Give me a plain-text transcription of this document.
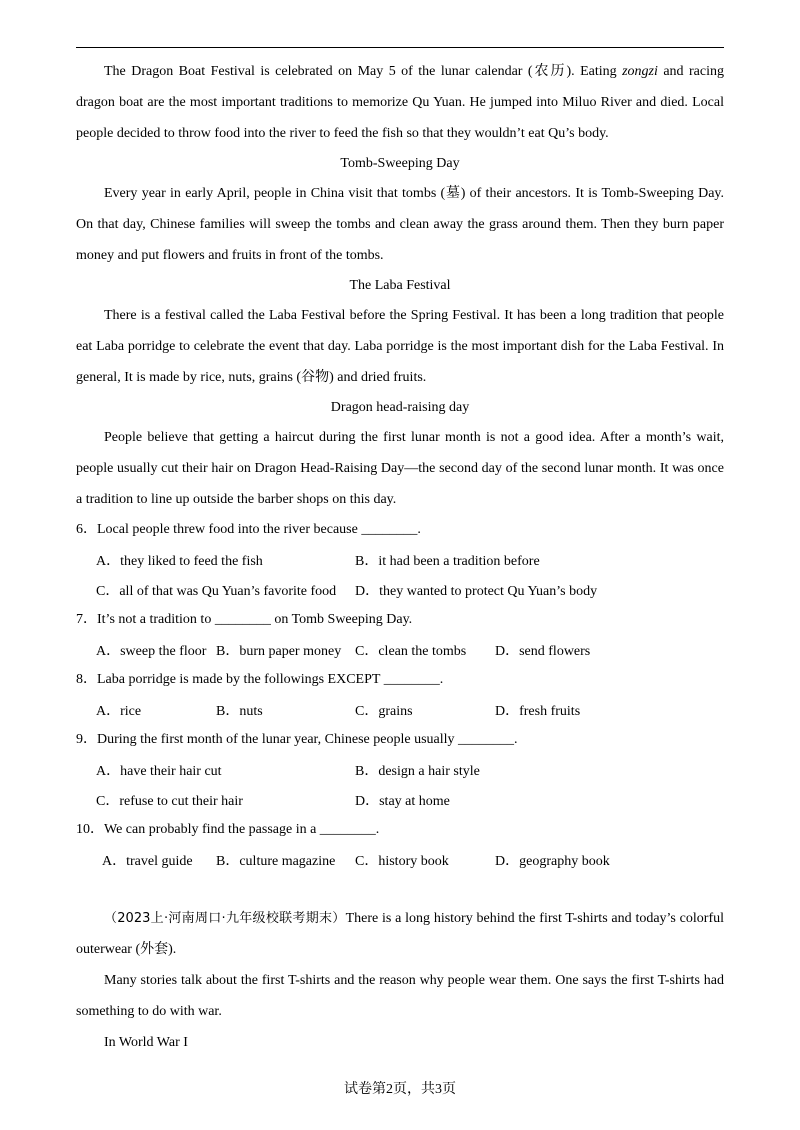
The Dragon Boat Festival is celebrated on May 5 of the lunar calendar (农历). Eating zongzi and racing dragon boat are the most important traditions to memorize Qu Yuan. He jumped into Miluo River and died. Local people decided to throw food into the river to feed the fish so that they wouldn’t eat Qu’s body.

Tomb-Sweeping Day

Every year in early April, people in China visit that tombs (墓) of their ancestors. It is Tomb-Sweeping Day. On that day, Chinese families will sweep the tombs and clean away the grass around them. Then they burn paper money and put flowers and fruits in front of the tombs.

The Laba Festival

There is a festival called the Laba Festival before the Spring Festival. It has been a long tradition that people eat Laba porridge to celebrate the event that day. Laba porridge is the most important dish for the Laba Festival. In general, It is made by rice, nuts, grains (谷物) and dried fruits.

Dragon head-raising day

People believe that getting a haircut during the first lunar month is not a good idea. After a month’s wait, people usually cut their hair on Dragon Head-Raising Day—the second day of the second lunar month. It was once a tradition to line up outside the barber shops on this day.

6．Local people threw food into the river because ________.
A．they liked to feed the fish	B．it had been a tradition before
C．all of that was Qu Yuan’s favorite food	D．they wanted to protect Qu Yuan’s body
7．It’s not a tradition to ________ on Tomb Sweeping Day.
A．sweep the floor B．burn paper money C．clean the tombs	D．send flowers
8．Laba porridge is made by the followings EXCEPT ________.
A．rice	B．nuts	C．grains	D．fresh fruits
9．During the first month of the lunar year, Chinese people usually ________.
A．have their hair cut	B．design a hair style
C．refuse to cut their hair	D．stay at home
10．We can probably find the passage in a ________.
A．travel guide	B．culture magazine	C．history book	D．geography book

（2023上·河南周口·九年级校联考期末）There is a long history behind the first T-shirts and today’s colorful outerwear (外套).

Many stories talk about the first T-shirts and the reason why people wear them. One says the first T-shirts had something to do with war.

In World War I

试卷第2页，共3页
